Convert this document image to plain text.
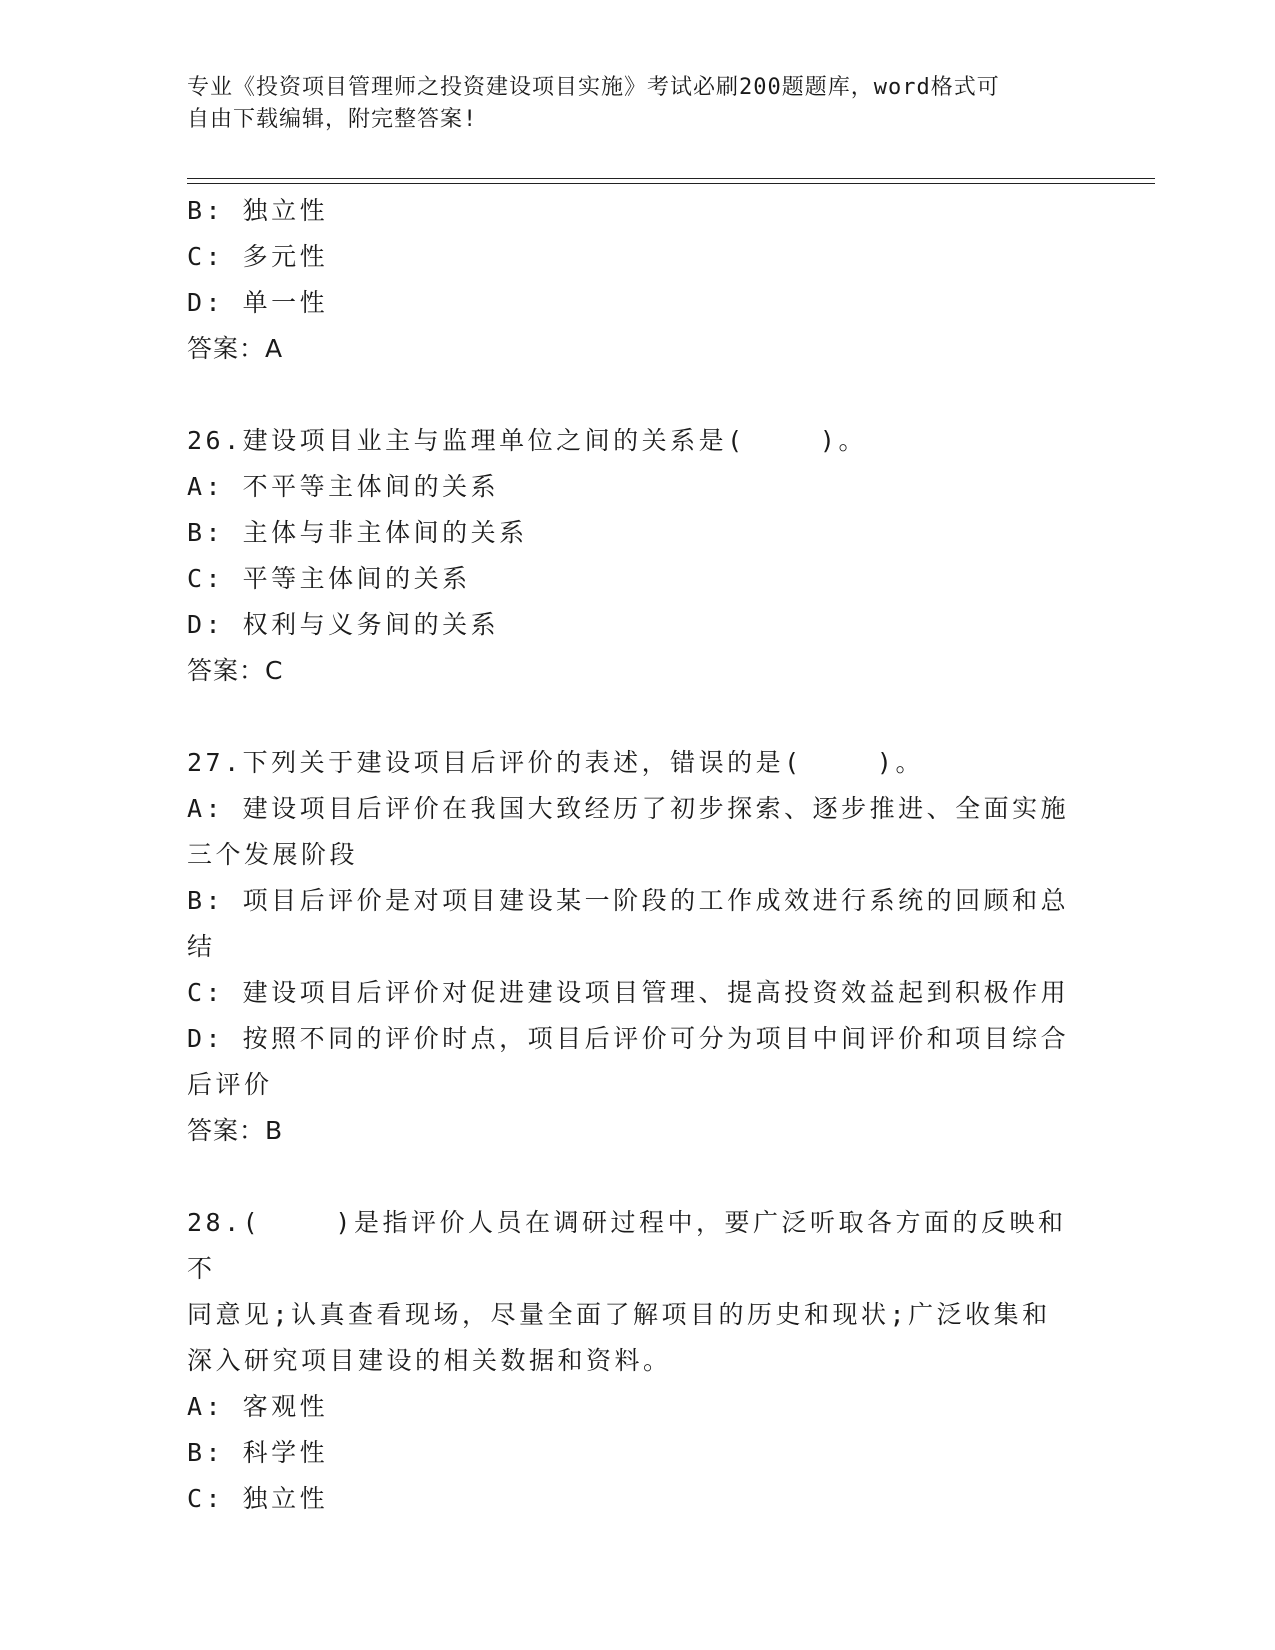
专业《投资项目管理师之投资建设项目实施》考试必刷200题题库，word格式可
自由下载编辑，附完整答案!
B: 独立性
C: 多元性
D: 单一性
答案：A
26.建设项目业主与监理单位之间的关系是(    )。
A: 不平等主体间的关系
B: 主体与非主体间的关系
C: 平等主体间的关系
D: 权利与义务间的关系
答案：C
27.下列关于建设项目后评价的表述，错误的是(    )。
A: 建设项目后评价在我国大致经历了初步探索、逐步推进、全面实施
三个发展阶段
B: 项目后评价是对项目建设某一阶段的工作成效进行系统的回顾和总
结
C: 建设项目后评价对促进建设项目管理、提高投资效益起到积极作用
D: 按照不同的评价时点，项目后评价可分为项目中间评价和项目综合
后评价
答案：B
28.(    )是指评价人员在调研过程中，要广泛听取各方面的反映和不
同意见;认真查看现场，尽量全面了解项目的历史和现状;广泛收集和
深入研究项目建设的相关数据和资料。
A: 客观性
B: 科学性
C: 独立性
